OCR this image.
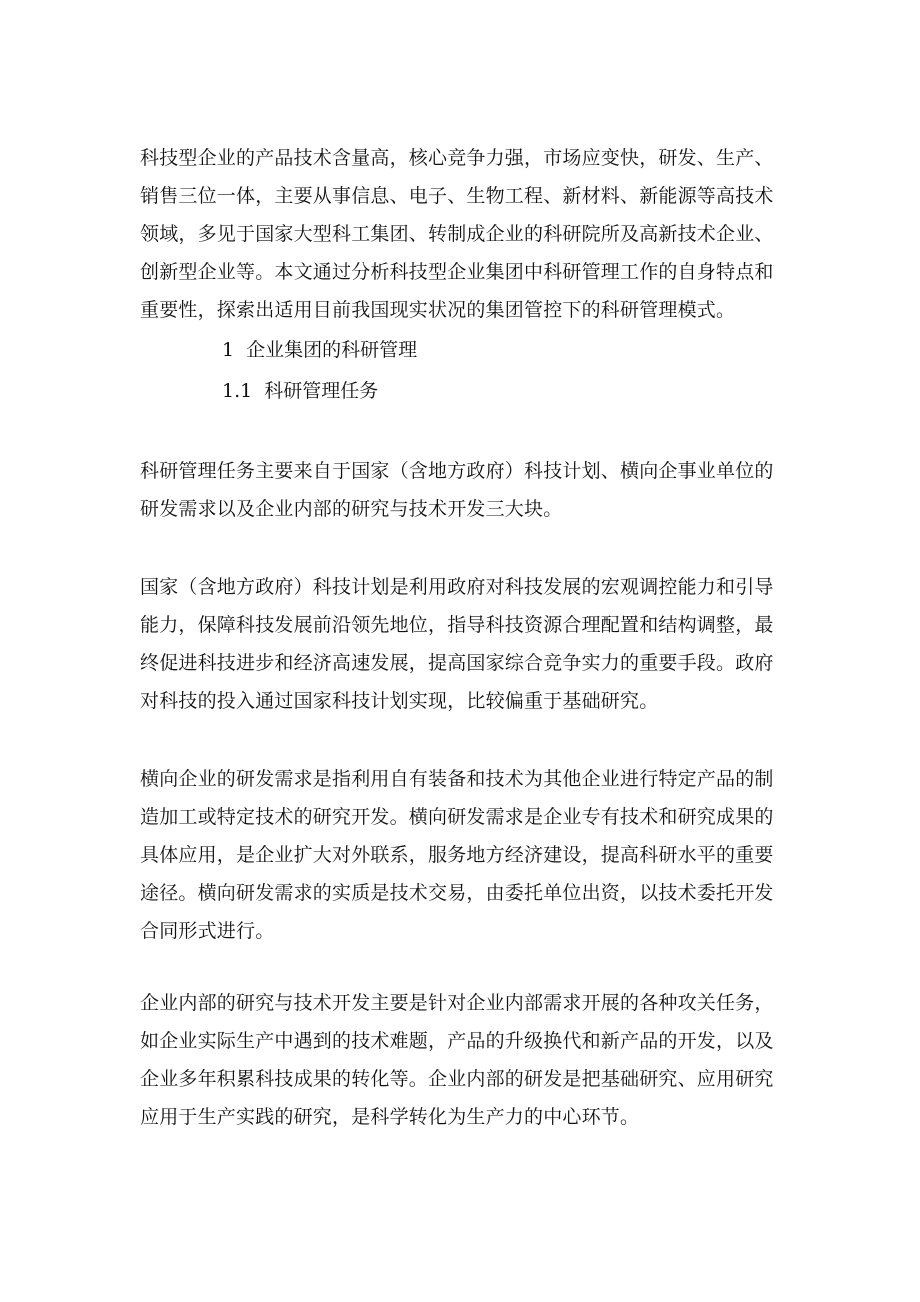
科技型企业的产品技术含量高，核心竞争力强，市场应变快，研发、生产、销售三位一体，主要从事信息、电子、生物工程、新材料、新能源等高技术领域，多见于国家大型科工集团、转制成企业的科研院所及高新技术企业、创新型企业等。本文通过分析科技型企业集团中科研管理工作的自身特点和重要性，探索出适用目前我国现实状况的集团管控下的科研管理模式。

1  企业集团的科研管理
1.1  科研管理任务

科研管理任务主要来自于国家（含地方政府）科技计划、横向企事业单位的研发需求以及企业内部的研究与技术开发三大块。

国家（含地方政府）科技计划是利用政府对科技发展的宏观调控能力和引导能力，保障科技发展前沿领先地位，指导科技资源合理配置和结构调整，最终促进科技进步和经济高速发展，提高国家综合竞争实力的重要手段。政府对科技的投入通过国家科技计划实现，比较偏重于基础研究。

横向企业的研发需求是指利用自有装备和技术为其他企业进行特定产品的制造加工或特定技术的研究开发。横向研发需求是企业专有技术和研究成果的具体应用，是企业扩大对外联系，服务地方经济建设，提高科研水平的重要途径。横向研发需求的实质是技术交易，由委托单位出资，以技术委托开发合同形式进行。

企业内部的研究与技术开发主要是针对企业内部需求开展的各种攻关任务，如企业实际生产中遇到的技术难题，产品的升级换代和新产品的开发，以及企业多年积累科技成果的转化等。企业内部的研发是把基础研究、应用研究应用于生产实践的研究，是科学转化为生产力的中心环节。
